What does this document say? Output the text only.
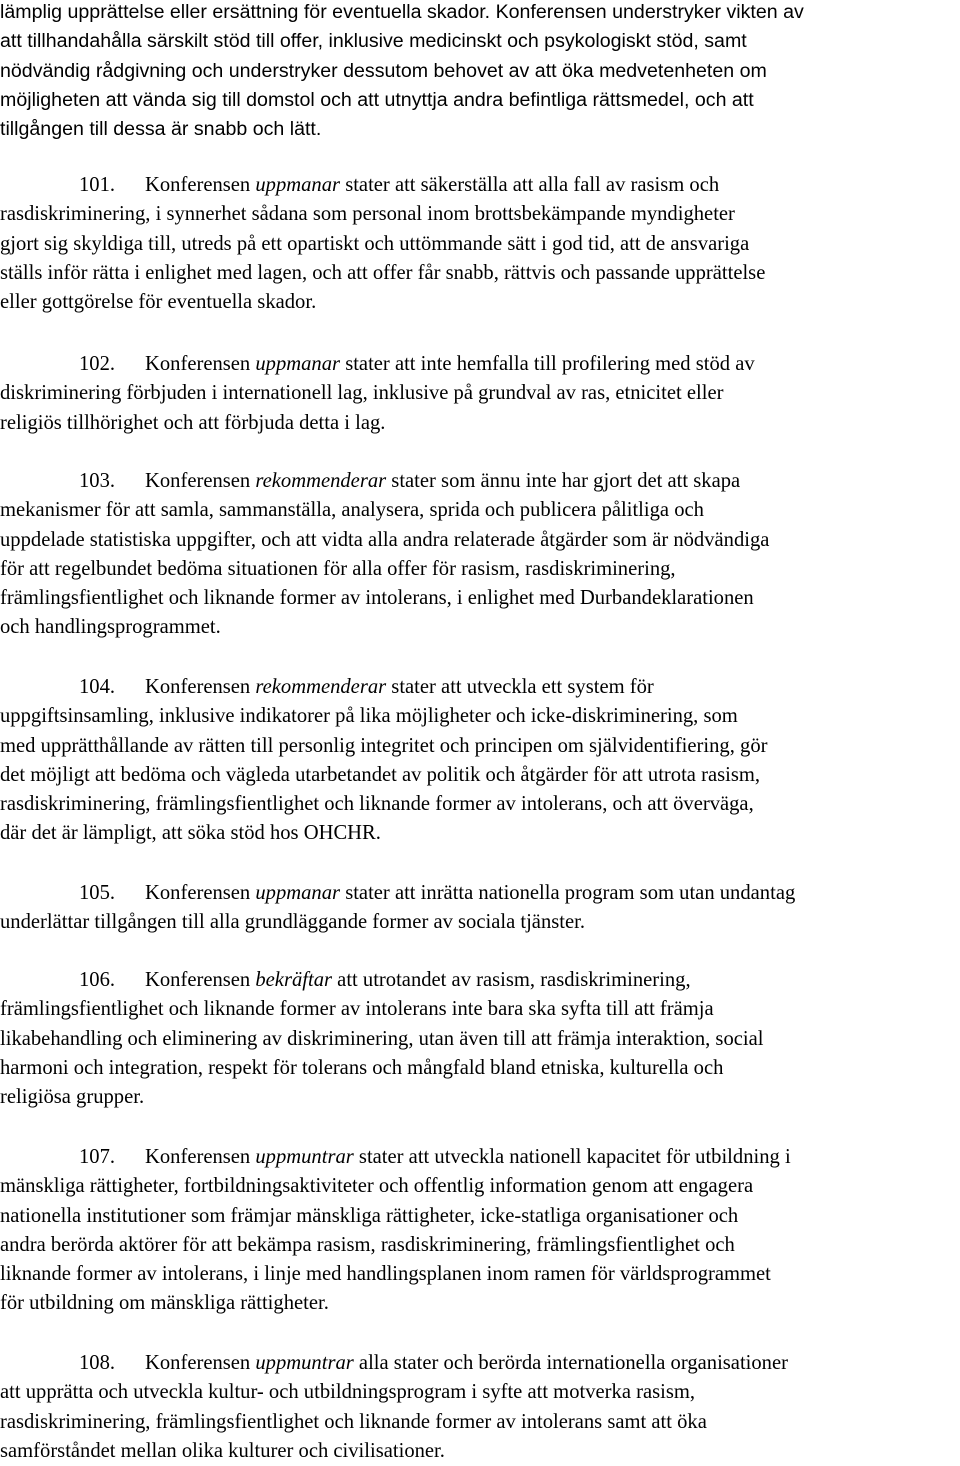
lämplig upprättelse eller ersättning för eventuella skador. Konferensen understryker vikten av
att tillhandahålla särskilt stöd till offer, inklusive medicinskt och psykologiskt stöd, samt
nödvändig rådgivning och understryker dessutom behovet av att öka medvetenheten om
möjligheten att vända sig till domstol och att utnyttja andra befintliga rättsmedel, och att
tillgången till dessa är snabb och lätt.

101. Konferensen uppmanar stater att säkerställa att alla fall av rasism och
rasdiskriminering, i synnerhet sådana som personal inom brottsbekämpande myndigheter
gjort sig skyldiga till, utreds på ett opartiskt och uttömmande sätt i god tid, att de ansvariga
ställs inför rätta i enlighet med lagen, och att offer får snabb, rättvis och passande upprättelse
eller gottgörelse för eventuella skador.

102. Konferensen uppmanar stater att inte hemfalla till profilering med stöd av
diskriminering förbjuden i internationell lag, inklusive på grundval av ras, etnicitet eller
religiös tillhörighet och att förbjuda detta i lag.

103. Konferensen rekommenderar stater som ännu inte har gjort det att skapa
mekanismer för att samla, sammanställa, analysera, sprida och publicera pålitliga och
uppdelade statistiska uppgifter, och att vidta alla andra relaterade åtgärder som är nödvändiga
för att regelbundet bedöma situationen för alla offer för rasism, rasdiskriminering,
främlingsfientlighet och liknande former av intolerans, i enlighet med Durbandeklarationen
och handlingsprogrammet.

104. Konferensen rekommenderar stater att utveckla ett system för
uppgiftsinsamling, inklusive indikatorer på lika möjligheter och icke-diskriminering, som
med upprätthållande av rätten till personlig integritet och principen om självidentifiering, gör
det möjligt att bedöma och vägleda utarbetandet av politik och åtgärder för att utrota rasism,
rasdiskriminering, främlingsfientlighet och liknande former av intolerans, och att överväga,
där det är lämpligt, att söka stöd hos OHCHR.

105. Konferensen uppmanar stater att inrätta nationella program som utan undantag
underlättar tillgången till alla grundläggande former av sociala tjänster.

106. Konferensen bekräftar att utrotandet av rasism, rasdiskriminering,
främlingsfientlighet och liknande former av intolerans inte bara ska syfta till att främja
likabehandling och eliminering av diskriminering, utan även till att främja interaktion, social
harmoni och integration, respekt för tolerans och mångfald bland etniska, kulturella och
religiösa grupper.

107. Konferensen uppmuntrar stater att utveckla nationell kapacitet för utbildning i
mänskliga rättigheter, fortbildningsaktiviteter och offentlig information genom att engagera
nationella institutioner som främjar mänskliga rättigheter, icke-statliga organisationer och
andra berörda aktörer för att bekämpa rasism, rasdiskriminering, främlingsfientlighet och
liknande former av intolerans, i linje med handlingsplanen inom ramen för världsprogrammet
för utbildning om mänskliga rättigheter.

108. Konferensen uppmuntrar alla stater och berörda internationella organisationer
att upprätta och utveckla kultur- och utbildningsprogram i syfte att motverka rasism,
rasdiskriminering, främlingsfientlighet och liknande former av intolerans samt att öka
samförståndet mellan olika kulturer och civilisationer.
